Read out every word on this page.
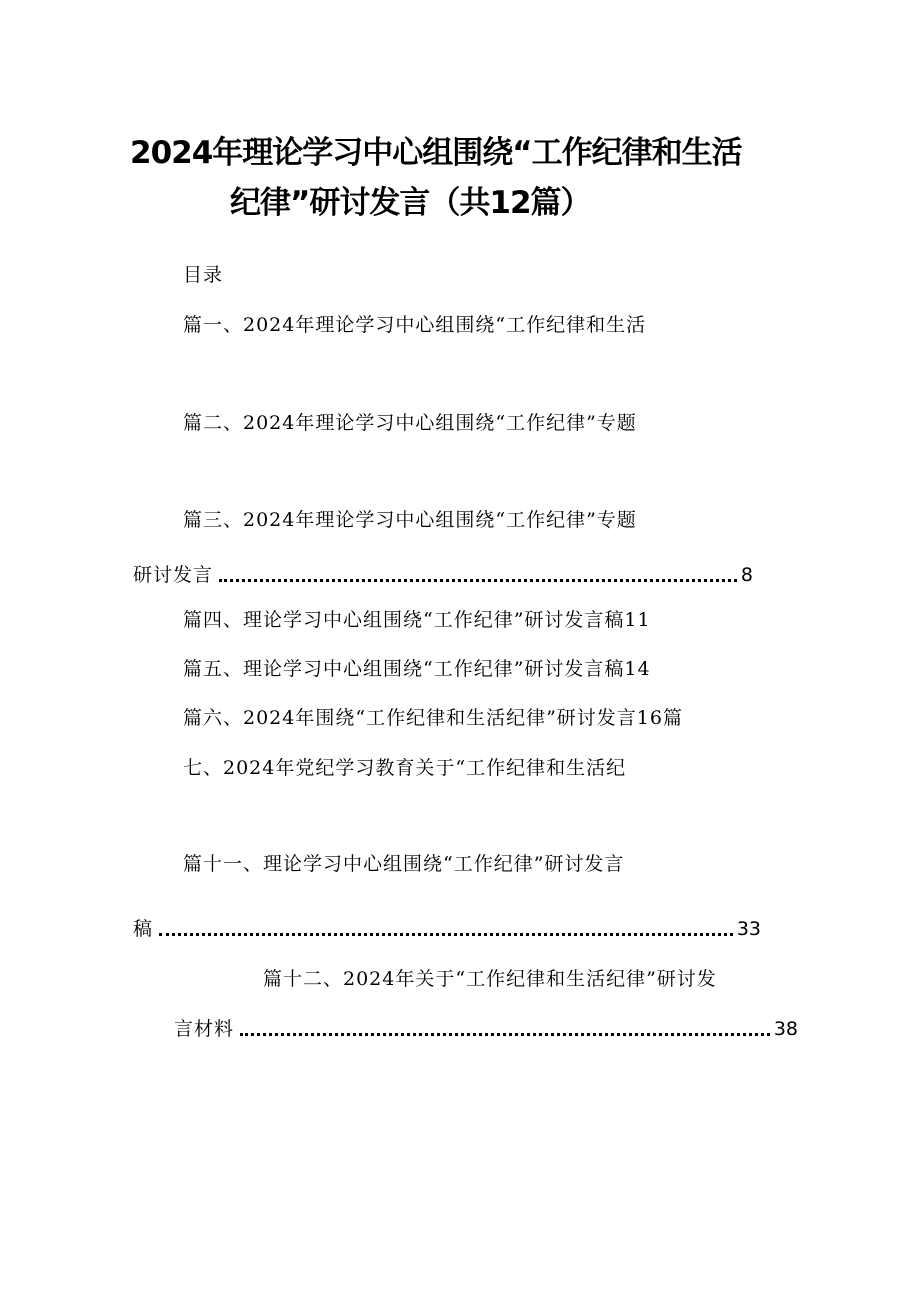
2024年理论学习中心组围绕“工作纪律和生活
纪律”研讨发言（共12篇）
目录
篇一、2024年理论学习中心组围绕“工作纪律和生活
篇二、2024年理论学习中心组围绕“工作纪律”专题
篇三、2024年理论学习中心组围绕“工作纪律”专题
研讨发言	8
篇四、理论学习中心组围绕“工作纪律”研讨发言稿11
篇五、理论学习中心组围绕“工作纪律”研讨发言稿14
篇六、2024年围绕“工作纪律和生活纪律”研讨发言16篇
七、2024年党纪学习教育关于“工作纪律和生活纪
篇十一、理论学习中心组围绕“工作纪律”研讨发言
稿	33
篇十二、2024年关于“工作纪律和生活纪律”研讨发
言材料	38
